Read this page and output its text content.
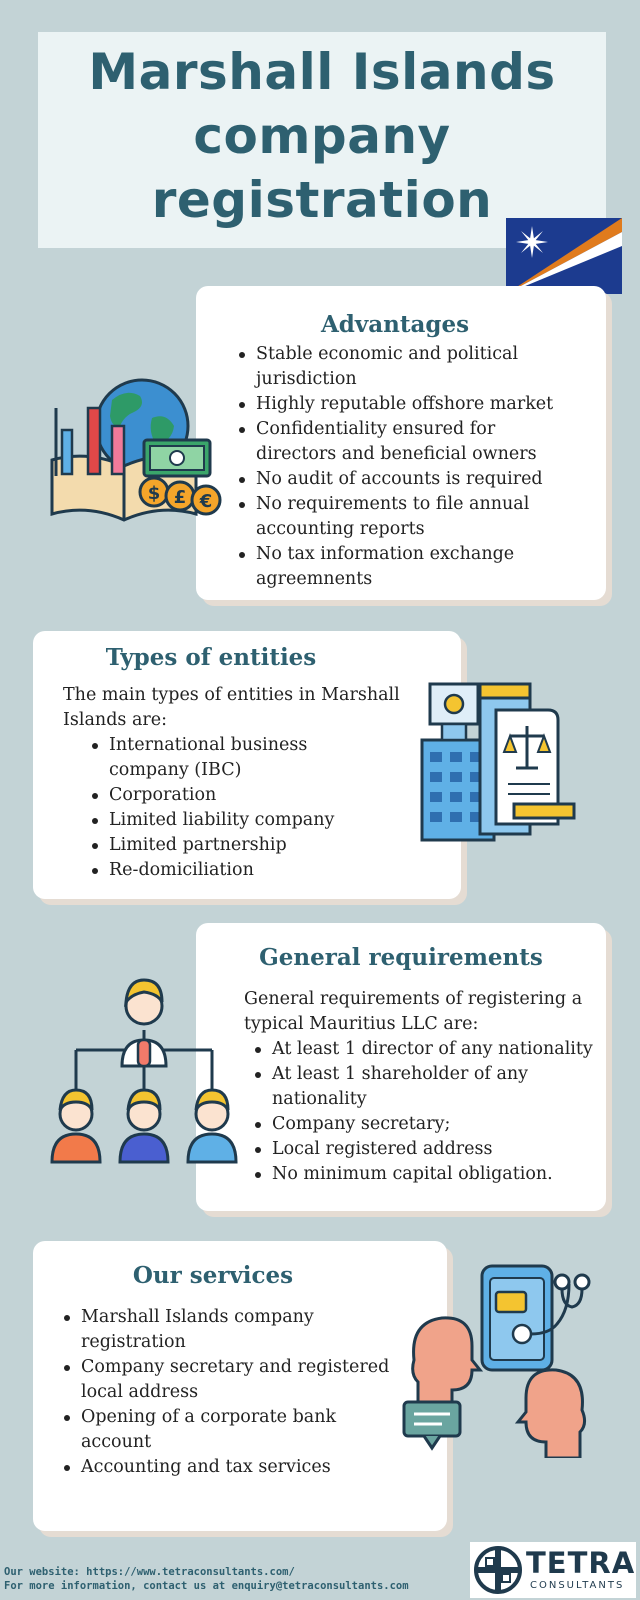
Marshall Islands
company
registration
Advantages
Stable economic and political jurisdiction
Highly reputable offshore market
Confidentiality ensured for directors and beneficial owners
No audit of accounts is required
No requirements to file annual accounting reports
No tax information exchange agreemnents
$ £ €
Types of entities

The main types of entities in Marshall Islands are:

International business company (IBC)
Corporation
Limited liability company
Limited partnership
Re-domiciliation
General requirements

General requirements of registering a typical Mauritius LLC are:

At least 1 director of any nationality
At least 1 shareholder of any nationality
Company secretary;
Local registered address
No minimum capital obligation.
Our services
Marshall Islands company registration
Company secretary and registered local address
Opening of a corporate bank account
Accounting and tax services
Our website: https://www.tetraconsultants.com/
For more information, contact us at enquiry@tetraconsultants.com
TETRA
CONSULTANTS
